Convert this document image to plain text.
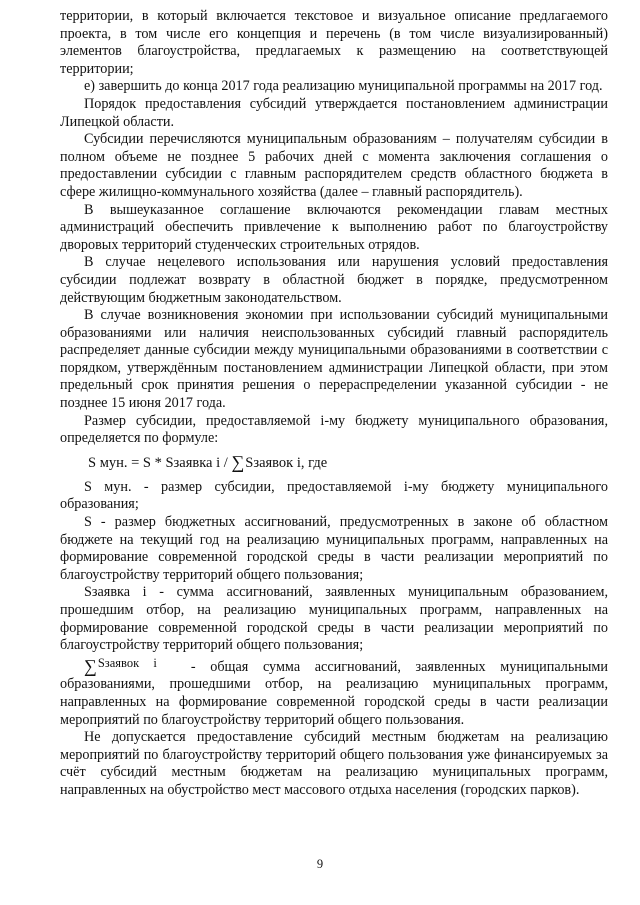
территории, в который включается текстовое и визуальное описание предлагаемого проекта, в том числе его концепция и перечень (в том числе визуализированный) элементов благоустройства, предлагаемых к размещению на соответствующей территории;

е) завершить до конца 2017 года реализацию муниципальной программы на 2017 год.

Порядок предоставления субсидий утверждается постановлением администрации Липецкой области.

Субсидии перечисляются муниципальным образованиям – получателям субсидии в полном объеме не позднее 5 рабочих дней с момента заключения соглашения о предоставлении субсидии с главным распорядителем средств областного бюджета в сфере жилищно-коммунального хозяйства (далее – главный распорядитель).

В вышеуказанное соглашение включаются рекомендации главам местных администраций обеспечить привлечение к выполнению работ по благоустройству дворовых территорий студенческих строительных отрядов.

В случае нецелевого использования или нарушения условий предоставления субсидии подлежат возврату в областной бюджет в порядке, предусмотренном действующим бюджетным законодательством.

В случае возникновения экономии при использовании субсидий муниципальными образованиями или наличия неиспользованных субсидий главный распорядитель распределяет данные субсидии между муниципальными образованиями в соответствии с порядком, утверждённым постановлением администрации Липецкой области, при этом предельный срок принятия решения о перераспределении указанной субсидии - не позднее 15 июня 2017 года.

Размер субсидии, предоставляемой i-му бюджету муниципального образования, определяется по формуле:

S мун. = S * Sзаявка i / ∑Sзаявок i, где

S мун. - размер субсидии, предоставляемой i-му бюджету муниципального образования;

S - размер бюджетных ассигнований, предусмотренных в законе об областном бюджете на текущий год на реализацию муниципальных программ, направленных на формирование современной городской среды в части реализации мероприятий по благоустройству территорий общего пользования;

Sзаявка i - сумма ассигнований, заявленных муниципальным образованием, прошедшим отбор, на реализацию муниципальных программ, направленных на формирование современной городской среды в части реализации мероприятий по благоустройству территорий общего пользования;

∑Sзаявок i - общая сумма ассигнований, заявленных муниципальными образованиями, прошедшими отбор, на реализацию муниципальных программ, направленных на формирование современной городской среды в части реализации мероприятий по благоустройству территорий общего пользования.

Не допускается предоставление субсидий местным бюджетам на реализацию мероприятий по благоустройству территорий общего пользования уже финансируемых за счёт субсидий местным бюджетам на реализацию муниципальных программ, направленных на обустройство мест массового отдыха населения (городских парков).

9
